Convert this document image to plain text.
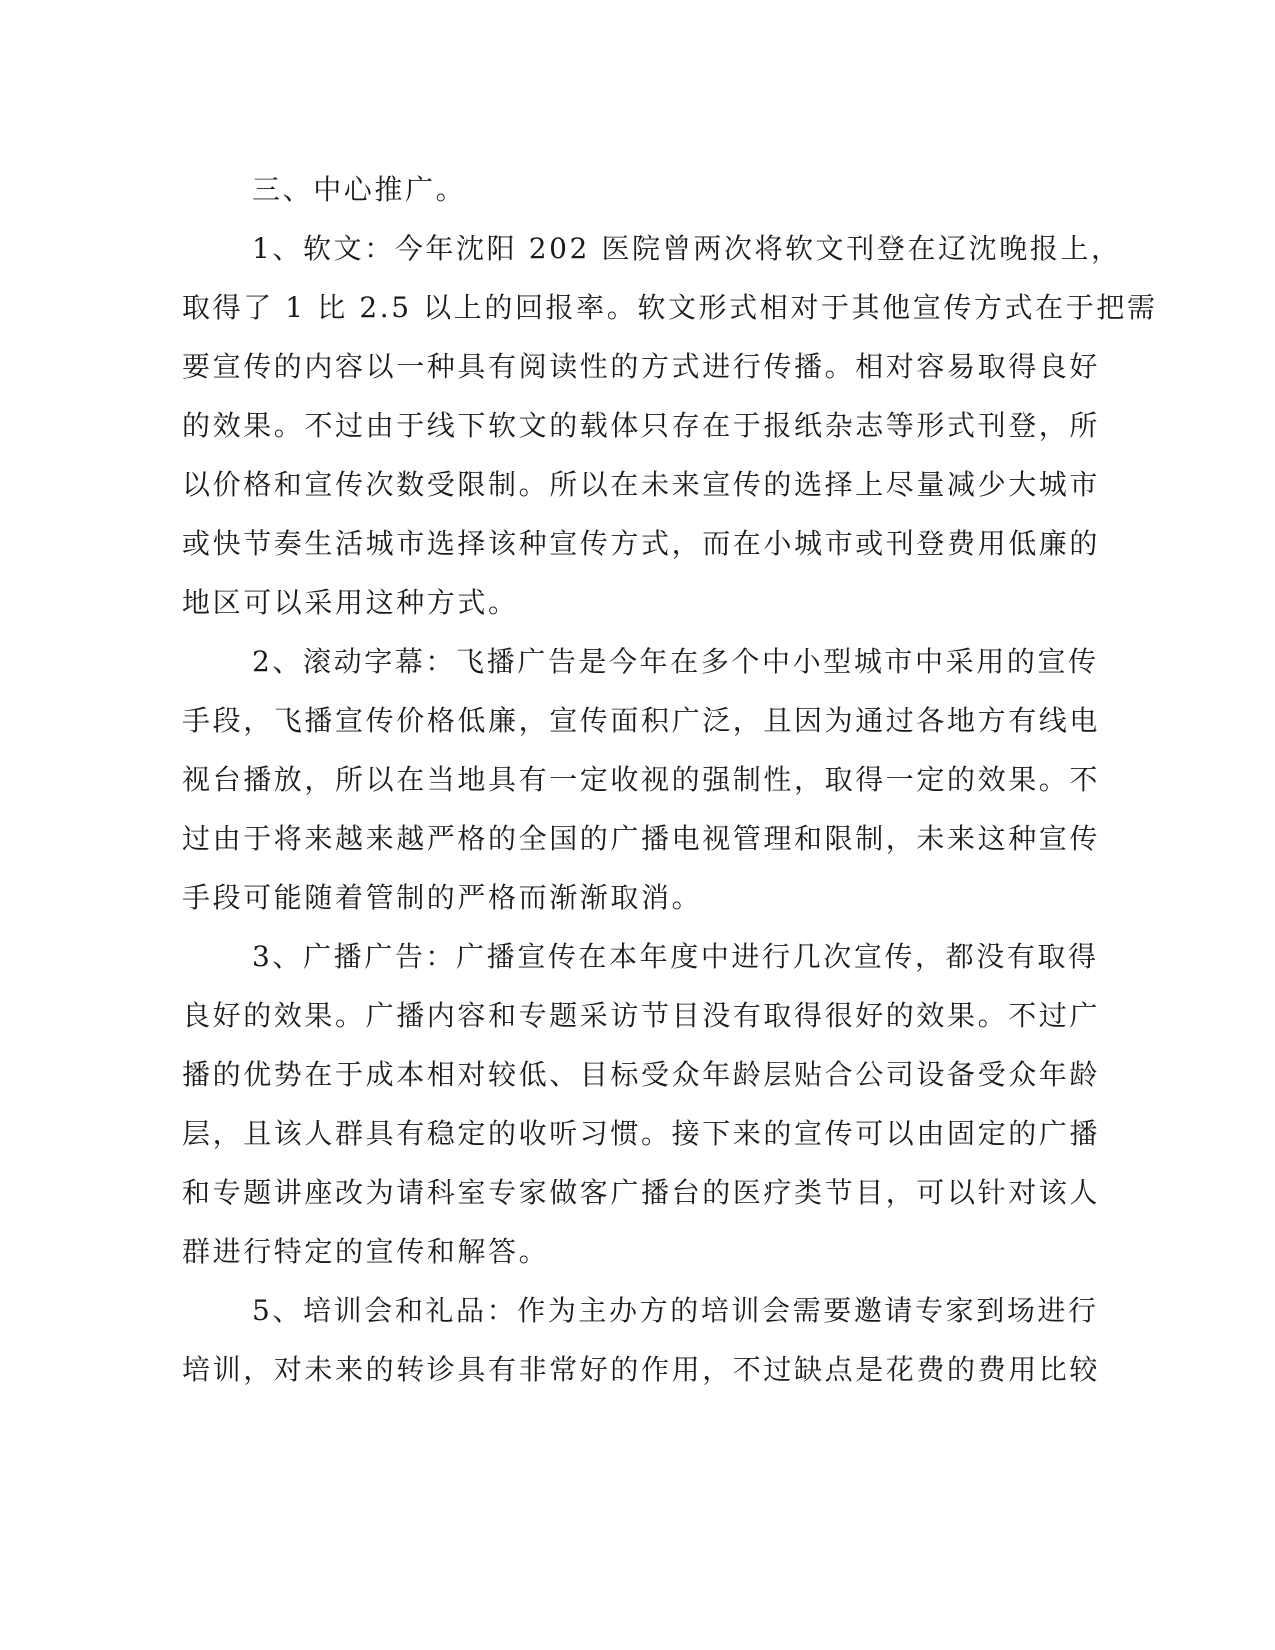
三、中心推广。
1、软文：今年沈阳 202 医院曾两次将软文刊登在辽沈晚报上，
取得了 1 比 2.5 以上的回报率。软文形式相对于其他宣传方式在于把需
要宣传的内容以一种具有阅读性的方式进行传播。相对容易取得良好
的效果。不过由于线下软文的载体只存在于报纸杂志等形式刊登，所
以价格和宣传次数受限制。所以在未来宣传的选择上尽量减少大城市
或快节奏生活城市选择该种宣传方式，而在小城市或刊登费用低廉的
地区可以采用这种方式。
2、滚动字幕：飞播广告是今年在多个中小型城市中采用的宣传
手段，飞播宣传价格低廉，宣传面积广泛，且因为通过各地方有线电
视台播放，所以在当地具有一定收视的强制性，取得一定的效果。不
过由于将来越来越严格的全国的广播电视管理和限制，未来这种宣传
手段可能随着管制的严格而渐渐取消。
3、广播广告：广播宣传在本年度中进行几次宣传，都没有取得
良好的效果。广播内容和专题采访节目没有取得很好的效果。不过广
播的优势在于成本相对较低、目标受众年龄层贴合公司设备受众年龄
层，且该人群具有稳定的收听习惯。接下来的宣传可以由固定的广播
和专题讲座改为请科室专家做客广播台的医疗类节目，可以针对该人
群进行特定的宣传和解答。
5、培训会和礼品：作为主办方的培训会需要邀请专家到场进行
培训，对未来的转诊具有非常好的作用，不过缺点是花费的费用比较
